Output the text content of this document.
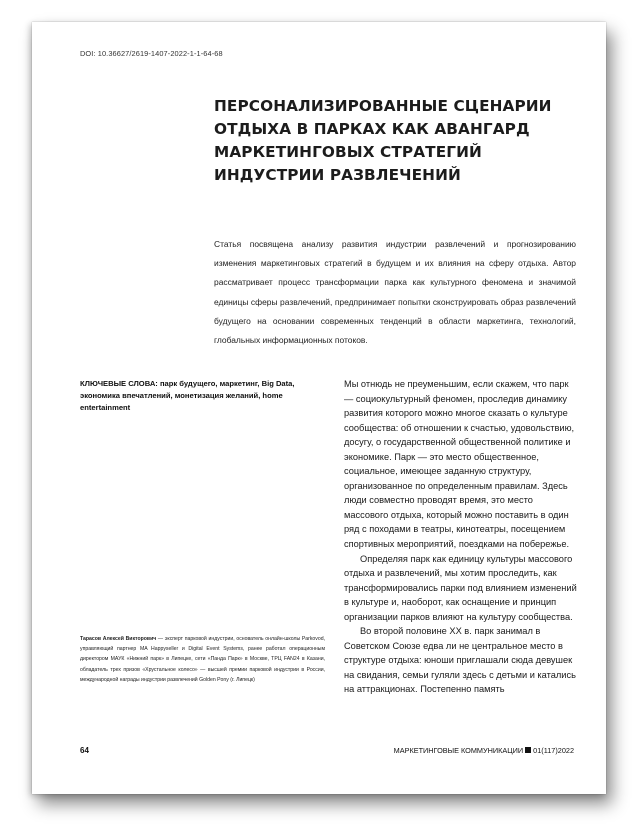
DOI: 10.36627/2619-1407-2022-1-1-64-68
ПЕРСОНАЛИЗИРОВАННЫЕ СЦЕНАРИИ ОТДЫХА В ПАРКАХ КАК АВАНГАРД МАРКЕТИНГОВЫХ СТРАТЕГИЙ ИНДУСТРИИ РАЗВЛЕЧЕНИЙ

Статья посвящена анализу развития индустрии развлечений и прогнозированию изменения маркетинговых стратегий в будущем и их влияния на сферу отдыха. Автор рассматривает процесс трансформации парка как культурного феномена и значимой единицы сферы развлечений, предпринимает попытки сконструировать образ развлечений будущего на основании современных тенденций в области маркетинга, технологий, глобальных информационных потоков.

КЛЮЧЕВЫЕ СЛОВА: парк будущего, маркетинг, Big Data, экономика впечатлений, монетизация желаний, home entertainment

Тарасов Алексей Викторович — эксперт парковой индустрии, основатель онлайн-школы Parkovod, управляющий партнер MA Happyseller и Digital Event Systems, ранее работал операционным директором МАУК «Нижний парк» в Липецке, сети «Панда Парк» в Москве, ТРЦ FAN24 в Казани, обладатель трех призов «Хрустальное колесо» — высшей премии парковой индустрии в России, международной награды индустрии развлечений Golden Pony (г. Липецк)

Мы отнюдь не преуменьшим, если скажем, что парк — социокультурный феномен, проследив динамику развития которого можно многое сказать о культуре сообщества: об отношении к счастью, удовольствию, досугу, о государственной общественной политике и экономике. Парк — это место общественное, социальное, имеющее заданную структуру, организованное по определенным правилам. Здесь люди совместно проводят время, это место массового отдыха, который можно поставить в один ряд с походами в театры, кинотеатры, посещением спортивных мероприятий, поездками на побережье.

Определяя парк как единицу культуры массового отдыха и развлечений, мы хотим проследить, как трансформировались парки под влиянием изменений в культуре и, наоборот, как оснащение и принцип организации парков влияют на культуру сообщества.

Во второй половине XX в. парк занимал в Советском Союзе едва ли не центральное место в структуре отдыха: юноши приглашали сюда девушек на свидания, семьи гуляли здесь с детьми и катались на аттракционах. Постепенно память

64	МАРКЕТИНГОВЫЕ КОММУНИКАЦИИ 01(117)2022
